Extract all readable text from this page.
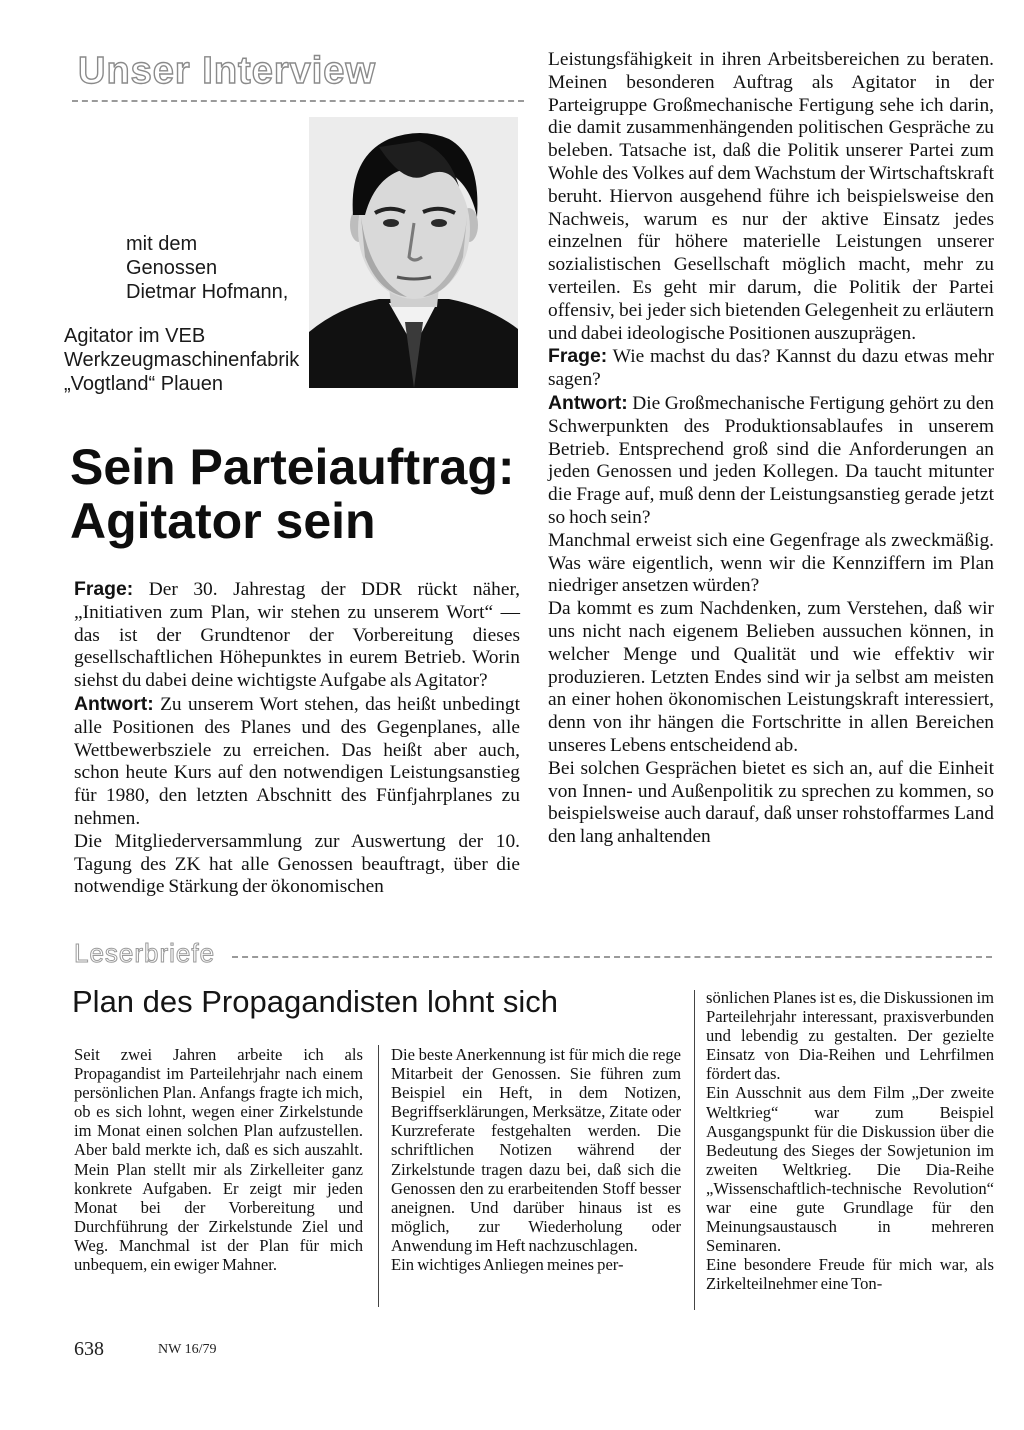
Unser Interview
mit dem
Genossen
Dietmar Hofmann,
Agitator im VEB Werkzeugmaschinenfabrik
„Vogtland“ Plauen
Sein Parteiauftrag:
Agitator sein

Frage: Der 30. Jahrestag der DDR rückt näher, „Initiativen zum Plan, wir stehen zu unserem Wort“ — das ist der Grundtenor der Vorbereitung dieses gesellschaftlichen Höhepunktes in eurem Betrieb. Worin siehst du dabei deine wichtigste Aufgabe als Agitator?

Antwort: Zu unserem Wort stehen, das heißt unbedingt alle Positionen des Planes und des Gegenplanes, alle Wettbewerbsziele zu erreichen. Das heißt aber auch, schon heute Kurs auf den notwendigen Leistungsanstieg für 1980, den letzten Abschnitt des Fünfjahrplanes zu nehmen.

Die Mitgliederversammlung zur Auswertung der 10. Tagung des ZK hat alle Genossen beauftragt, über die notwendige Stärkung der ökonomischen

Leistungsfähigkeit in ihren Arbeitsbereichen zu beraten. Meinen besonderen Auftrag als Agitator in der Parteigruppe Großmechanische Fertigung sehe ich darin, die damit zusammenhängenden politischen Gespräche zu beleben. Tatsache ist, daß die Politik unserer Partei zum Wohle des Volkes auf dem Wachstum der Wirtschaftskraft beruht. Hiervon ausgehend führe ich beispielsweise den Nachweis, warum es nur der aktive Einsatz jedes einzelnen für höhere materielle Leistungen unserer sozialistischen Gesellschaft möglich macht, mehr zu verteilen. Es geht mir darum, die Politik der Partei offensiv, bei jeder sich bietenden Gelegenheit zu erläutern und dabei ideologische Positionen auszuprägen.

Frage: Wie machst du das? Kannst du dazu etwas mehr sagen?

Antwort: Die Großmechanische Fertigung gehört zu den Schwerpunkten des Produktionsablaufes in unserem Betrieb. Entsprechend groß sind die Anforderungen an jeden Genossen und jeden Kollegen. Da taucht mitunter die Frage auf, muß denn der Leistungsanstieg gerade jetzt so hoch sein?

Manchmal erweist sich eine Gegenfrage als zweckmäßig. Was wäre eigentlich, wenn wir die Kennziffern im Plan niedriger ansetzen würden?

Da kommt es zum Nachdenken, zum Verstehen, daß wir uns nicht nach eigenem Belieben aussuchen können, in welcher Menge und Qualität und wie effektiv wir produzieren. Letzten Endes sind wir ja selbst am meisten an einer hohen ökonomischen Leistungskraft interessiert, denn von ihr hängen die Fortschritte in allen Bereichen unseres Lebens entscheidend ab.

Bei solchen Gesprächen bietet es sich an, auf die Einheit von Innen- und Außenpolitik zu sprechen zu kommen, so beispielsweise auch darauf, daß unser rohstoffarmes Land den lang anhaltenden

Leserbriefe
Plan des Propagandisten lohnt sich
Seit zwei Jahren arbeite ich als Propagandist im Parteilehrjahr nach einem persönlichen Plan. Anfangs fragte ich mich, ob es sich lohnt, wegen einer Zirkelstunde im Monat einen solchen Plan aufzustellen. Aber bald merkte ich, daß es sich auszahlt. Mein Plan stellt mir als Zirkelleiter ganz konkrete Aufgaben. Er zeigt mir jeden Monat bei der Vorbereitung und Durchführung der Zirkelstunde Ziel und Weg. Manchmal ist der Plan für mich unbequem, ein ewiger Mahner.
Die beste Anerkennung ist für mich die rege Mitarbeit der Genossen. Sie führen zum Beispiel ein Heft, in dem Notizen, Begriffserklärungen, Merksätze, Zitate oder Kurzreferate festgehalten werden. Die schriftlichen Notizen während der Zirkelstunde tragen dazu bei, daß sich die Genossen den zu erarbeitenden Stoff besser aneignen. Und darüber hinaus ist es möglich, zur Wiederholung oder Anwendung im Heft nachzuschlagen.
Ein wichtiges Anliegen meines per-
sönlichen Planes ist es, die Diskussionen im Parteilehrjahr interessant, praxisverbunden und lebendig zu gestalten. Der gezielte Einsatz von Dia-Reihen und Lehrfilmen fördert das.
Ein Ausschnit aus dem Film „Der zweite Weltkrieg“ war zum Beispiel Ausgangspunkt für die Diskussion über die Bedeutung des Sieges der Sowjetunion im zweiten Weltkrieg. Die Dia-Reihe „Wissenschaftlich-technische Revolution“ war eine gute Grundlage für den Meinungsaustausch in mehreren Seminaren.
Eine besondere Freude für mich war, als Zirkelteilnehmer eine Ton-
638	NW 16/79
